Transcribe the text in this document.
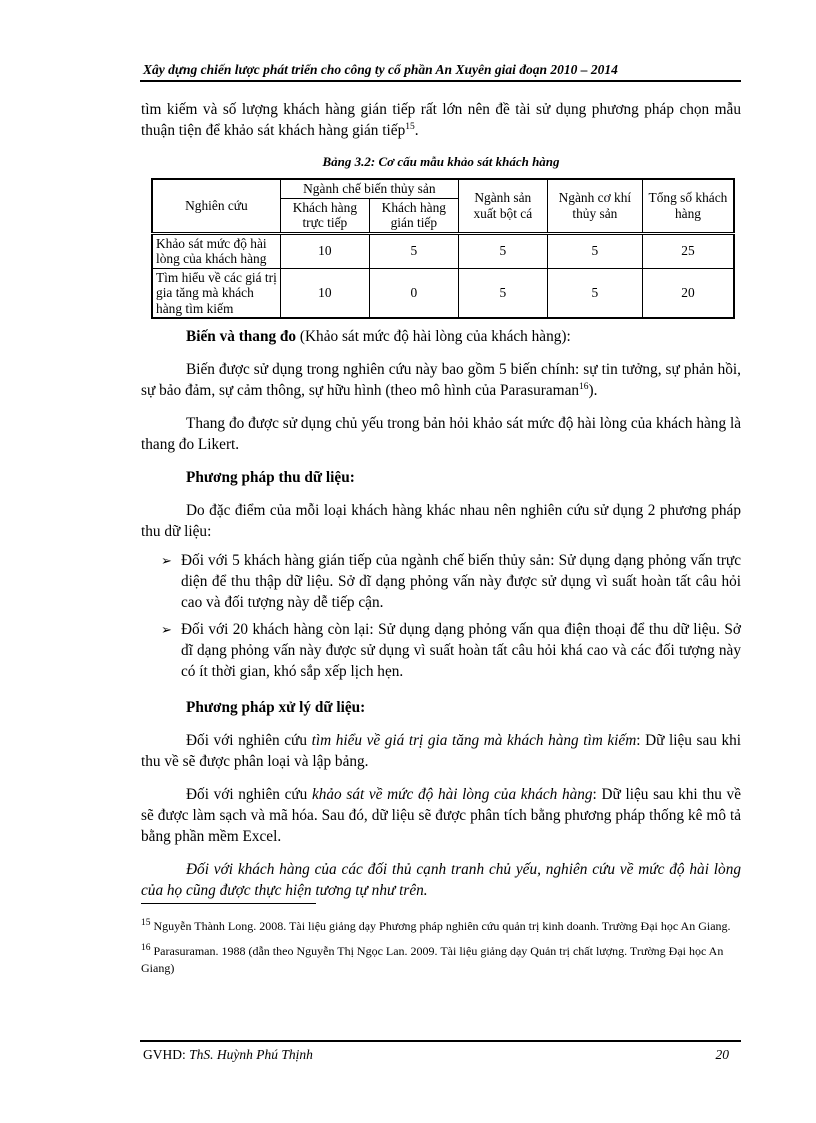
Xây dựng chiến lược phát triển cho công ty cổ phần An Xuyên giai đoạn 2010 – 2014

tìm kiếm và số lượng khách hàng gián tiếp rất lớn nên đề tài sử dụng phương pháp chọn mẫu thuận tiện để khảo sát khách hàng gián tiếp$^{15}$.

Bảng 3.2: Cơ cấu mẫu khảo sát khách hàng
Nghiên cứu	Ngành chế biến thủy sản		Ngành sản xuất bột cá	Ngành cơ khí thủy sản	Tổng số khách hàng
	Khách hàng trực tiếp	Khách hàng gián tiếp			
Khảo sát mức độ hài lòng của khách hàng	10	5	5	5	25
Tìm hiểu về các giá trị gia tăng mà khách hàng tìm kiếm	10	0	5	5	20

Biến và thang đo (Khảo sát mức độ hài lòng của khách hàng):

Biến được sử dụng trong nghiên cứu này bao gồm 5 biến chính: sự tin tưởng, sự phản hồi, sự bảo đảm, sự cảm thông, sự hữu hình (theo mô hình của Parasuraman$^{16}$).

Thang đo được sử dụng chủ yếu trong bản hỏi khảo sát mức độ hài lòng của khách hàng là thang đo Likert.

Phương pháp thu dữ liệu:

Do đặc điểm của mỗi loại khách hàng khác nhau nên nghiên cứu sử dụng 2 phương pháp thu dữ liệu:

➢ Đối với 5 khách hàng gián tiếp của ngành chế biến thủy sản: Sử dụng dạng phỏng vấn trực diện để thu thập dữ liệu. Sở dĩ dạng phỏng vấn này được sử dụng vì suất hoàn tất câu hỏi cao và đối tượng này dễ tiếp cận.
➢ Đối với 20 khách hàng còn lại: Sử dụng dạng phỏng vấn qua điện thoại để thu dữ liệu. Sở dĩ dạng phỏng vấn này được sử dụng vì suất hoàn tất câu hỏi khá cao và các đối tượng này có ít thời gian, khó sắp xếp lịch hẹn.

Phương pháp xử lý dữ liệu:

Đối với nghiên cứu tìm hiểu về giá trị gia tăng mà khách hàng tìm kiếm: Dữ liệu sau khi thu về sẽ được phân loại và lập bảng.

Đối với nghiên cứu khảo sát về mức độ hài lòng của khách hàng: Dữ liệu sau khi thu về sẽ được làm sạch và mã hóa. Sau đó, dữ liệu sẽ được phân tích bằng phương pháp thống kê mô tả bằng phần mềm Excel.

Đối với khách hàng của các đối thủ cạnh tranh chủ yếu, nghiên cứu về mức độ hài lòng của họ cũng được thực hiện tương tự như trên.

$^{15}$ Nguyễn Thành Long. 2008. Tài liệu giảng dạy Phương pháp nghiên cứu quản trị kinh doanh. Trường Đại học An Giang.

$^{16}$ Parasuraman. 1988 (dẫn theo Nguyễn Thị Ngọc Lan. 2009. Tài liệu giảng dạy Quản trị chất lượng. Trường Đại học An Giang)

GVHD: ThS. Huỳnh Phú Thịnh	20
